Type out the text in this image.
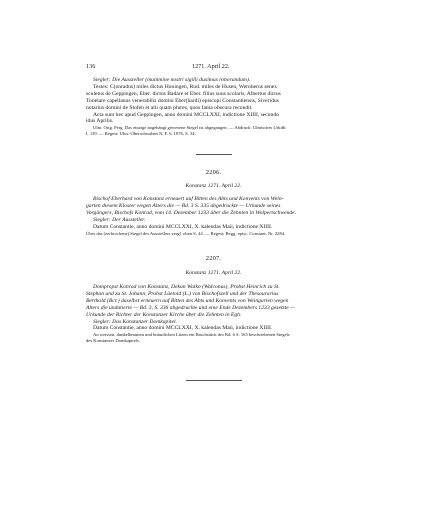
136	1271. April 22.
Siegler: Die Aussteller (munimine nostri sigilli duximus roborandam).
Testes: C(onradus) miles dictus Huningen, Rud. miles de Husen, Wernherus senex
sculetus de Geppingen, Eber. dictus Badare et Eber. filius suus scolaris, Albertus dictus
Tonelare capellanus venerabilis domini Eber(hardi) episcopi Constantiensis, Siveridus
notarius domini de Stofen et alii quam plures, quos fama obscura recondit.
Acta sunt hec apud Geppingen, anno domini MCCLXXI, indictione XIIII, secundo
idus Aprilis.
Ulm. Orig. Perg. Das einzige angehängt gewesene Siegel ist abgegangen. — Abdruck: Ulmisches Urkdb.
I, 139. — Regest: Ulm.-Oberschwaben N. F. 6, 1876, S. 34.
2206.
Konstanz 1271. April 22.
Bischof Eberhard von Konstanz erneuert auf Bitten des Abts und Konvents von Wein-
garten diesem Kloster wegen Alters die — Bd. 3 S. 335 abgedruckte — Urkunde seines
Vorgängers, Bischofs Konrad, vom 14. Dezember 1233 über die Zehnten in Wolpertschwende.
Siegler: Der Aussteller.
Datum Constantie, anno domini MCCLXXI, X. kalendas Maii, indictione XIIII.
Über das (zerbrochene) Siegel des Ausstellers vergl. oben S. 44. — Regest: Regg. episc. Constant. Nr. 2284.
2207.
Konstanz 1271. April 22.
Dompropst Konrad von Konstanz, Dekan Walko (Walconus), Probst Heinrich zu St.
Stephan und zu St. Johann, Probst Lüetold (L.) von Bischofszell und der Thesaurarius
Berthold (Bcr.) daselbst erneuern auf Bitten des Abts und Konvents von Weingarten wegen
Alters die undatierte — Bd. 3, S. 336 abgedruckte und eine Ende Dezembers 1233 gesetzte —
Urkunde der Richter der Konstanzer Kirche über die Zehnten in Egh.
Siegler: Das Konstanzer Domkapitel.
Datum Constantie, anno domini MCCLXXI, X. kalendas Maii, indictione XIIII.
An weissen, dunkelbraunen und bräunlichen Litzen ein Bruchstück des Bd. 6 S. 165 beschriebenen Siegels
des Konstanzer Domkapitels.
